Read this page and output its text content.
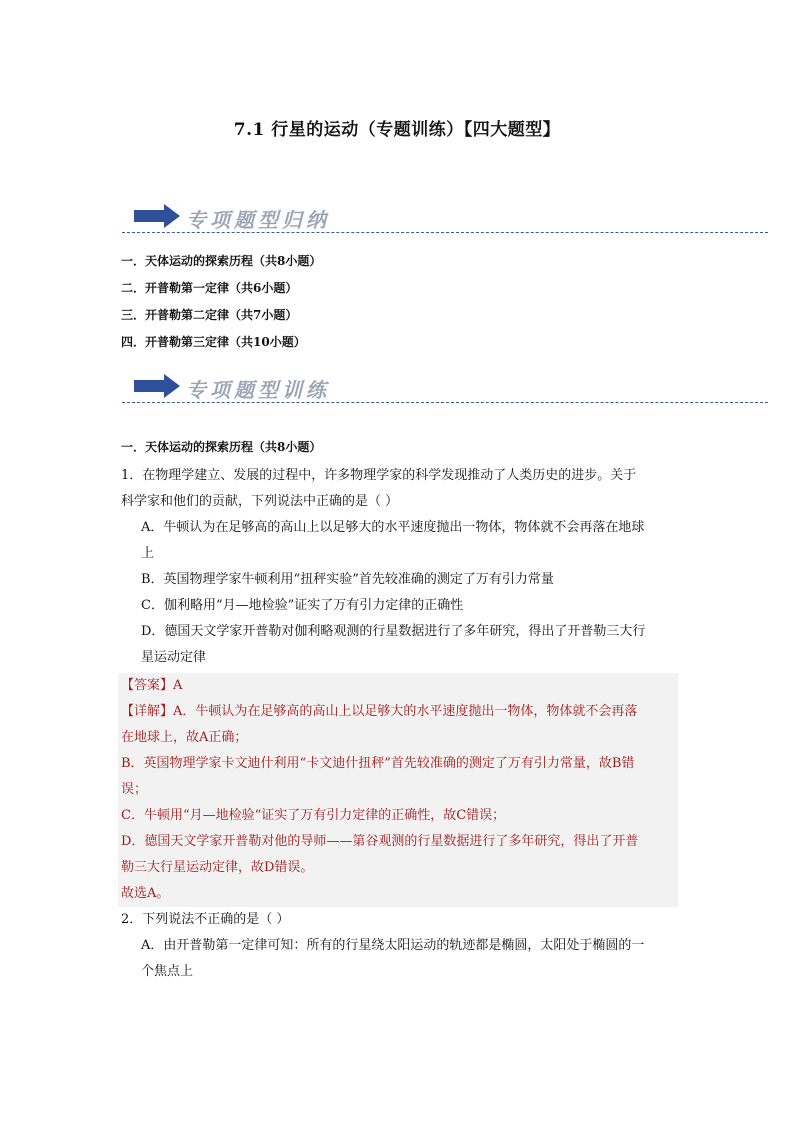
7.1 行星的运动（专题训练）【四大题型】
专项题型归纳
一．天体运动的探索历程（共8小题）
二．开普勒第一定律（共6小题）
三．开普勒第二定律（共7小题）
四．开普勒第三定律（共10小题）
专项题型训练
一．天体运动的探索历程（共8小题）
1．在物理学建立、发展的过程中，许多物理学家的科学发现推动了人类历史的进步。关于
科学家和他们的贡献，下列说法中正确的是（ ）
A．牛顿认为在足够高的高山上以足够大的水平速度抛出一物体，物体就不会再落在地球
上
B．英国物理学家牛顿利用“扭秤实验”首先较准确的测定了万有引力常量
C．伽利略用“月—地检验”证实了万有引力定律的正确性
D．德国天文学家开普勒对伽利略观测的行星数据进行了多年研究，得出了开普勒三大行
星运动定律
【答案】A
【详解】A．牛顿认为在足够高的高山上以足够大的水平速度抛出一物体，物体就不会再落
在地球上，故A正确；
B．英国物理学家卡文迪什利用“卡文迪什扭秤”首先较准确的测定了万有引力常量，故B错
误；
C．牛顿用“月—地检验“证实了万有引力定律的正确性，故C错误；
D．德国天文学家开普勒对他的导师——第谷观测的行星数据进行了多年研究，得出了开普
勒三大行星运动定律，故D错误。
故选A。
2．下列说法不正确的是（ ）
A．由开普勒第一定律可知：所有的行星绕太阳运动的轨迹都是椭圆，太阳处于椭圆的一
个焦点上
